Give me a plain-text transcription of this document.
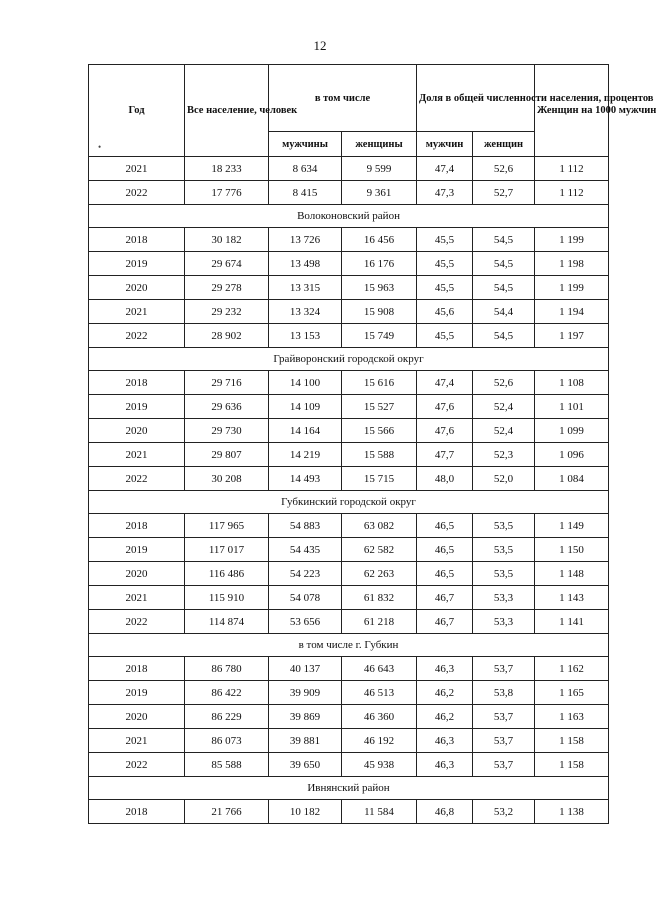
12
•
Год	Все население, человек	в том числе		Доля в общей численности населения, процентов		Женщин на 1000 мужчин
		мужчины	женщины	мужчин	женщин	
2021	18 233	8 634	9 599	47,4	52,6	1 112
2022	17 776	8 415	9 361	47,3	52,7	1 112
Волоконовский район						
2018	30 182	13 726	16 456	45,5	54,5	1 199
2019	29 674	13 498	16 176	45,5	54,5	1 198
2020	29 278	13 315	15 963	45,5	54,5	1 199
2021	29 232	13 324	15 908	45,6	54,4	1 194
2022	28 902	13 153	15 749	45,5	54,5	1 197
Грайворонский городской округ						
2018	29 716	14 100	15 616	47,4	52,6	1 108
2019	29 636	14 109	15 527	47,6	52,4	1 101
2020	29 730	14 164	15 566	47,6	52,4	1 099
2021	29 807	14 219	15 588	47,7	52,3	1 096
2022	30 208	14 493	15 715	48,0	52,0	1 084
Губкинский городской округ						
2018	117 965	54 883	63 082	46,5	53,5	1 149
2019	117 017	54 435	62 582	46,5	53,5	1 150
2020	116 486	54 223	62 263	46,5	53,5	1 148
2021	115 910	54 078	61 832	46,7	53,3	1 143
2022	114 874	53 656	61 218	46,7	53,3	1 141
в том числе г. Губкин						
2018	86 780	40 137	46 643	46,3	53,7	1 162
2019	86 422	39 909	46 513	46,2	53,8	1 165
2020	86 229	39 869	46 360	46,2	53,7	1 163
2021	86 073	39 881	46 192	46,3	53,7	1 158
2022	85 588	39 650	45 938	46,3	53,7	1 158
Ивнянский район						
2018	21 766	10 182	11 584	46,8	53,2	1 138
